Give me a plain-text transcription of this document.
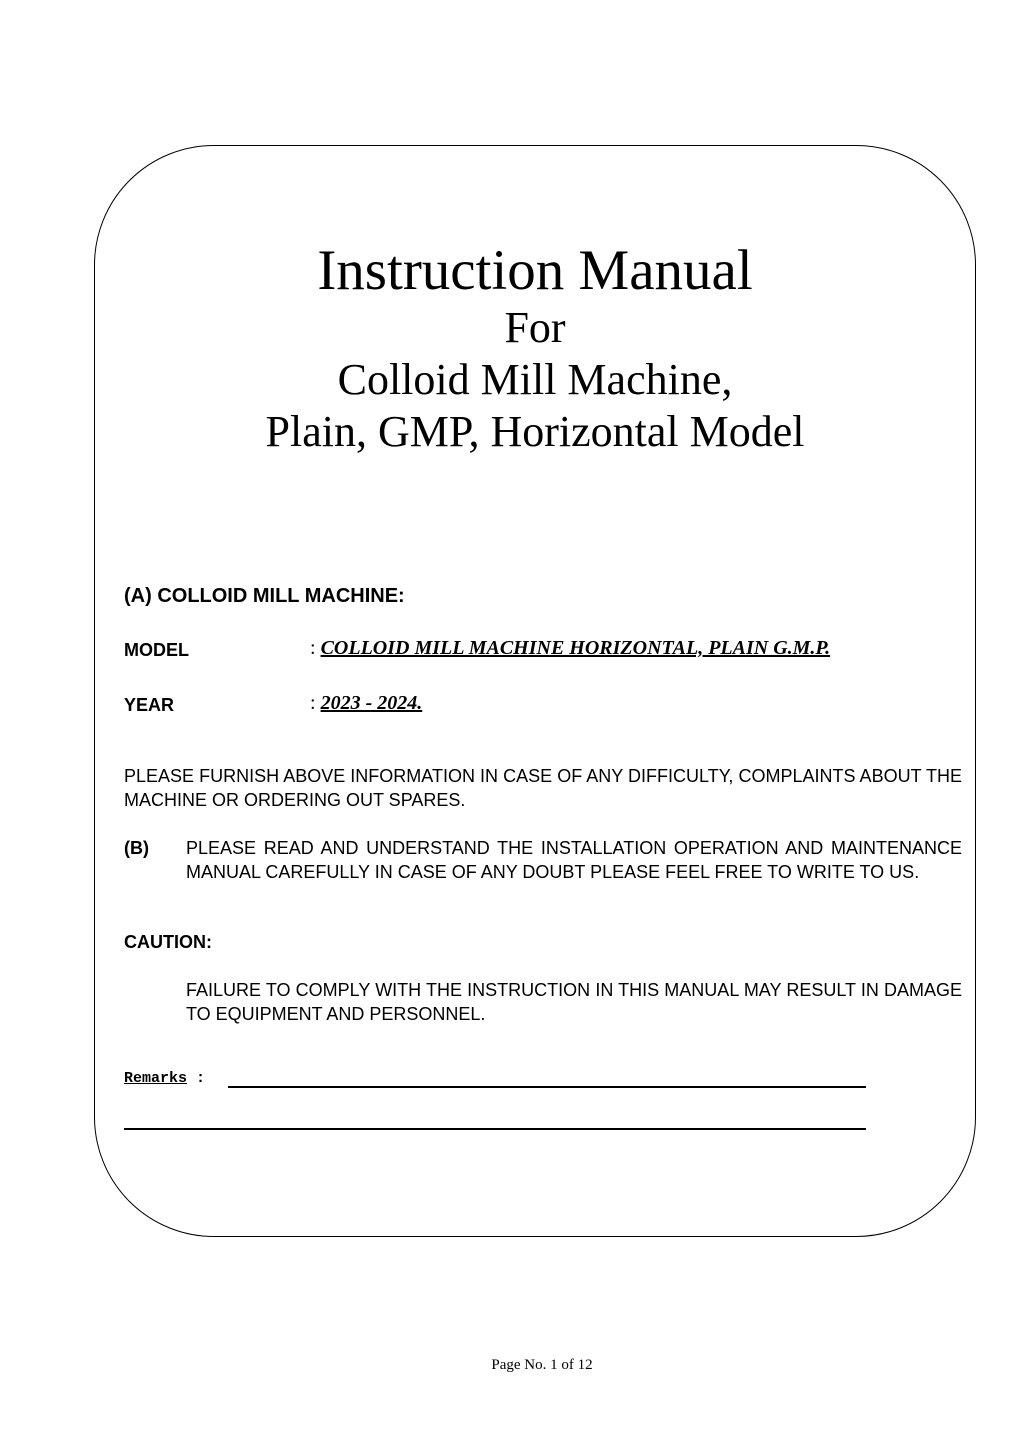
Instruction Manual
For
Colloid Mill Machine,
Plain, GMP, Horizontal Model
(A) COLLOID MILL MACHINE:
MODEL	: COLLOID MILL MACHINE HORIZONTAL, PLAIN G.M.P.
YEAR	: 2023 - 2024.
PLEASE FURNISH ABOVE INFORMATION IN CASE OF ANY DIFFICULTY, COMPLAINTS ABOUT THE MACHINE OR ORDERING OUT SPARES.
(B) PLEASE READ AND UNDERSTAND THE INSTALLATION OPERATION AND MAINTENANCE MANUAL CAREFULLY IN CASE OF ANY DOUBT PLEASE FEEL FREE TO WRITE TO US.
CAUTION:
FAILURE TO COMPLY WITH THE INSTRUCTION IN THIS MANUAL MAY RESULT IN DAMAGE TO EQUIPMENT AND PERSONNEL.
Remarks :
Page No. 1 of 12
